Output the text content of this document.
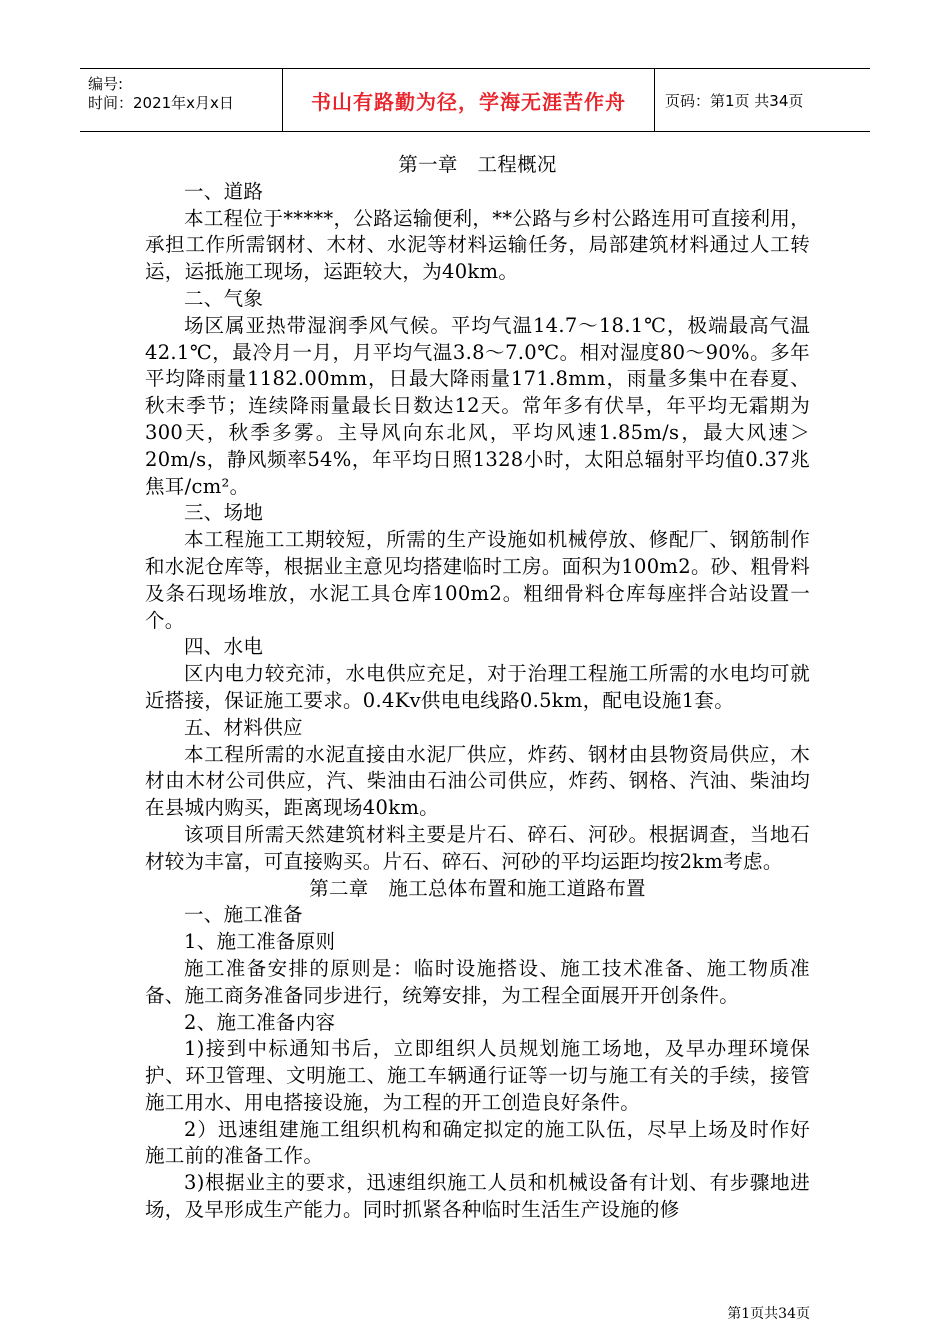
编号:
时间：2021年x月x日	书山有路勤为径，学海无涯苦作舟	页码：第1页 共34页

第一章　工程概况

一、道路

本工程位于*****，公路运输便利，**公路与乡村公路连用可直接利用，承担工作所需钢材、木材、水泥等材料运输任务，局部建筑材料通过人工转运，运抵施工现场，运距较大，为40km。

二、气象

场区属亚热带湿润季风气候。平均气温14.7～18.1℃，极端最高气温42.1℃，最冷月一月，月平均气温3.8～7.0℃。相对湿度80～90%。多年平均降雨量1182.00mm，日最大降雨量171.8mm，雨量多集中在春夏、秋末季节；连续降雨量最长日数达12天。常年多有伏旱，年平均无霜期为300天，秋季多雾。主导风向东北风，平均风速1.85m/s，最大风速＞20m/s，静风频率54%，年平均日照1328小时，太阳总辐射平均值0.37兆焦耳/cm²。

三、场地

本工程施工工期较短，所需的生产设施如机械停放、修配厂、钢筋制作和水泥仓库等，根据业主意见均搭建临时工房。面积为100m2。砂、粗骨料及条石现场堆放，水泥工具仓库100m2。粗细骨料仓库每座拌合站设置一个。

四、水电

区内电力较充沛，水电供应充足，对于治理工程施工所需的水电均可就近搭接，保证施工要求。0.4Kv供电电线路0.5km，配电设施1套。

五、材料供应

本工程所需的水泥直接由水泥厂供应，炸药、钢材由县物资局供应，木材由木材公司供应，汽、柴油由石油公司供应，炸药、钢格、汽油、柴油均在县城内购买，距离现场40km。

该项目所需天然建筑材料主要是片石、碎石、河砂。根据调查，当地石材较为丰富，可直接购买。片石、碎石、河砂的平均运距均按2km考虑。

第二章　施工总体布置和施工道路布置

一、施工准备

1、施工准备原则

施工准备安排的原则是：临时设施搭设、施工技术准备、施工物质准备、施工商务准备同步进行，统筹安排，为工程全面展开开创条件。

2、施工准备内容

1)接到中标通知书后，立即组织人员规划施工场地，及早办理环境保护、环卫管理、文明施工、施工车辆通行证等一切与施工有关的手续，接管施工用水、用电搭接设施，为工程的开工创造良好条件。

2）迅速组建施工组织机构和确定拟定的施工队伍，尽早上场及时作好施工前的准备工作。

3)根据业主的要求，迅速组织施工人员和机械设备有计划、有步骤地进场，及早形成生产能力。同时抓紧各种临时生活生产设施的修

第1页共34页
